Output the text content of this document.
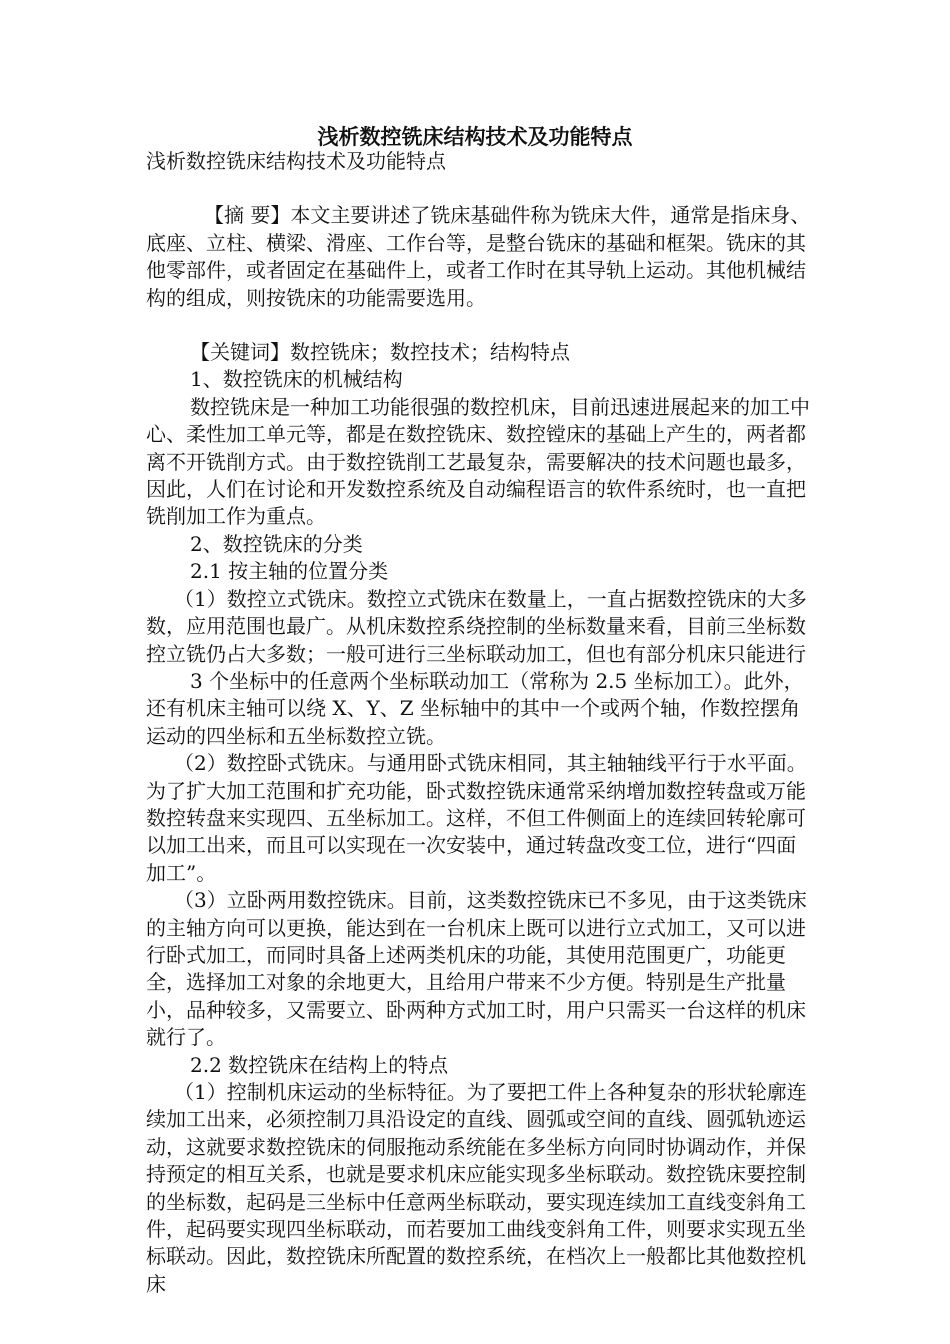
浅析数控铣床结构技术及功能特点

浅析数控铣床结构技术及功能特点

【摘 要】本文主要讲述了铣床基础件称为铣床大件，通常是指床身、底座、立柱、横梁、滑座、工作台等，是整台铣床的基础和框架。铣床的其他零部件，或者固定在基础件上，或者工作时在其导轨上运动。其他机械结构的组成，则按铣床的功能需要选用。

【关键词】数控铣床；数控技术；结构特点

1、数控铣床的机械结构

数控铣床是一种加工功能很强的数控机床，目前迅速进展起来的加工中心、柔性加工单元等，都是在数控铣床、数控镗床的基础上产生的，两者都离不开铣削方式。由于数控铣削工艺最复杂，需要解决的技术问题也最多，因此，人们在讨论和开发数控系统及自动编程语言的软件系统时，也一直把铣削加工作为重点。

2、数控铣床的分类

2.1 按主轴的位置分类

（1）数控立式铣床。数控立式铣床在数量上，一直占据数控铣床的大多数，应用范围也最广。从机床数控系绕控制的坐标数量来看，目前三坐标数控立铣仍占大多数；一般可进行三坐标联动加工，但也有部分机床只能进行

3 个坐标中的任意两个坐标联动加工（常称为 2.5 坐标加工）。此外，还有机床主轴可以绕 X、Y、Z 坐标轴中的其中一个或两个轴，作数控摆角运动的四坐标和五坐标数控立铣。

（2）数控卧式铣床。与通用卧式铣床相同，其主轴轴线平行于水平面。为了扩大加工范围和扩充功能，卧式数控铣床通常采纳增加数控转盘或万能数控转盘来实现四、五坐标加工。这样，不但工件侧面上的连续回转轮廓可以加工出来，而且可以实现在一次安装中，通过转盘改变工位，进行“四面加工”。

（3）立卧两用数控铣床。目前，这类数控铣床已不多见，由于这类铣床的主轴方向可以更换，能达到在一台机床上既可以进行立式加工，又可以进行卧式加工，而同时具备上述两类机床的功能，其使用范围更广，功能更全，选择加工对象的余地更大，且给用户带来不少方便。特别是生产批量小，品种较多，又需要立、卧两种方式加工时，用户只需买一台这样的机床就行了。

2.2 数控铣床在结构上的特点

（1）控制机床运动的坐标特征。为了要把工件上各种复杂的形状轮廓连续加工出来，必须控制刀具沿设定的直线、圆弧或空间的直线、圆弧轨迹运动，这就要求数控铣床的伺服拖动系统能在多坐标方向同时协调动作，并保持预定的相互关系，也就是要求机床应能实现多坐标联动。数控铣床要控制的坐标数，起码是三坐标中任意两坐标联动，要实现连续加工直线变斜角工件，起码要实现四坐标联动，而若要加工曲线变斜角工件，则要求实现五坐标联动。因此，数控铣床所配置的数控系统，在档次上一般都比其他数控机床
